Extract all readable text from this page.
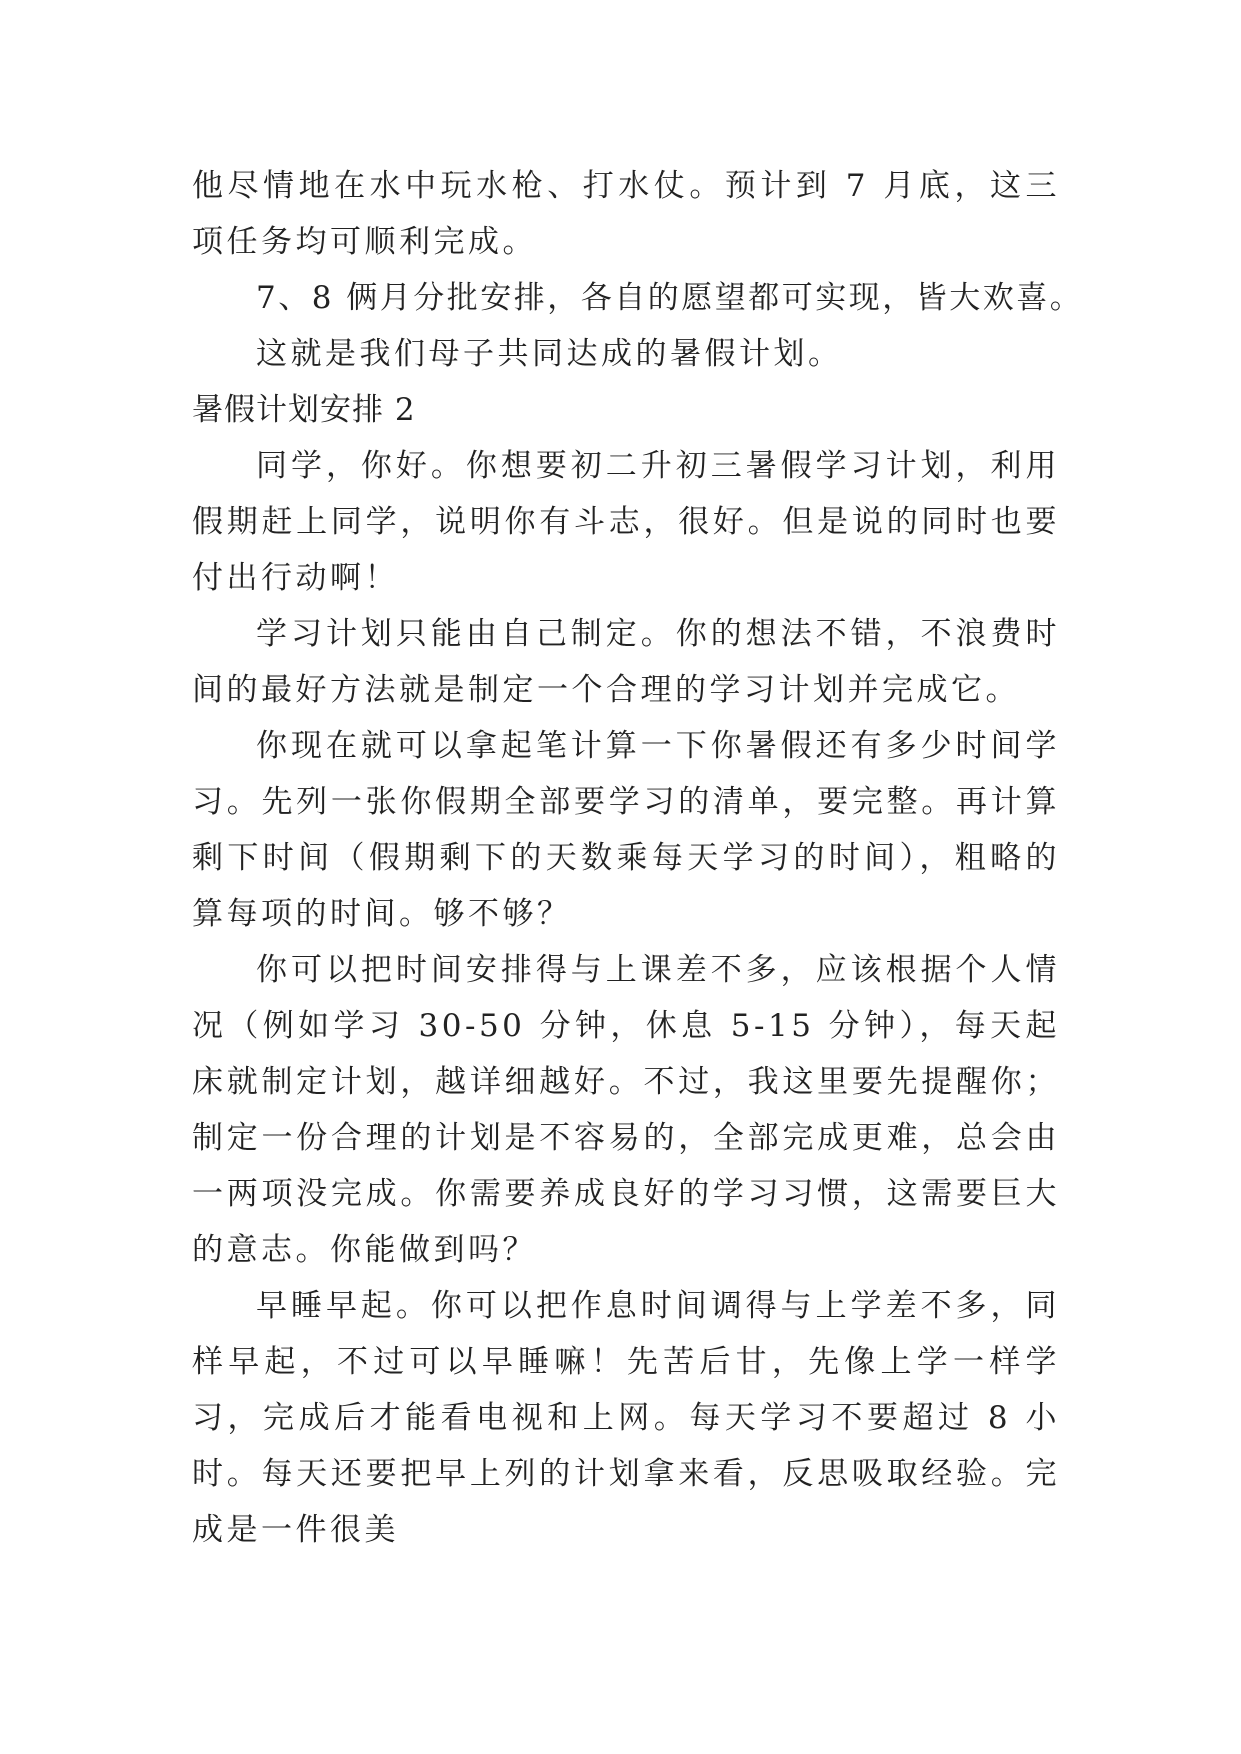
他尽情地在水中玩水枪、打水仗。预计到 7 月底，这三项任务均可顺利完成。

7、8 俩月分批安排，各自的愿望都可实现，皆大欢喜。

这就是我们母子共同达成的暑假计划。

暑假计划安排 2

同学，你好。你想要初二升初三暑假学习计划，利用假期赶上同学，说明你有斗志，很好。但是说的同时也要付出行动啊！

学习计划只能由自己制定。你的想法不错，不浪费时间的最好方法就是制定一个合理的学习计划并完成它。

你现在就可以拿起笔计算一下你暑假还有多少时间学习。先列一张你假期全部要学习的清单，要完整。再计算剩下时间（假期剩下的天数乘每天学习的时间），粗略的算每项的时间。够不够？

你可以把时间安排得与上课差不多，应该根据个人情况（例如学习 30-50 分钟，休息 5-15 分钟），每天起床就制定计划，越详细越好。不过，我这里要先提醒你；制定一份合理的计划是不容易的，全部完成更难，总会由一两项没完成。你需要养成良好的学习习惯，这需要巨大的意志。你能做到吗？

早睡早起。你可以把作息时间调得与上学差不多，同样早起，不过可以早睡嘛！先苦后甘，先像上学一样学习，完成后才能看电视和上网。每天学习不要超过 8 小时。每天还要把早上列的计划拿来看，反思吸取经验。完成是一件很美
